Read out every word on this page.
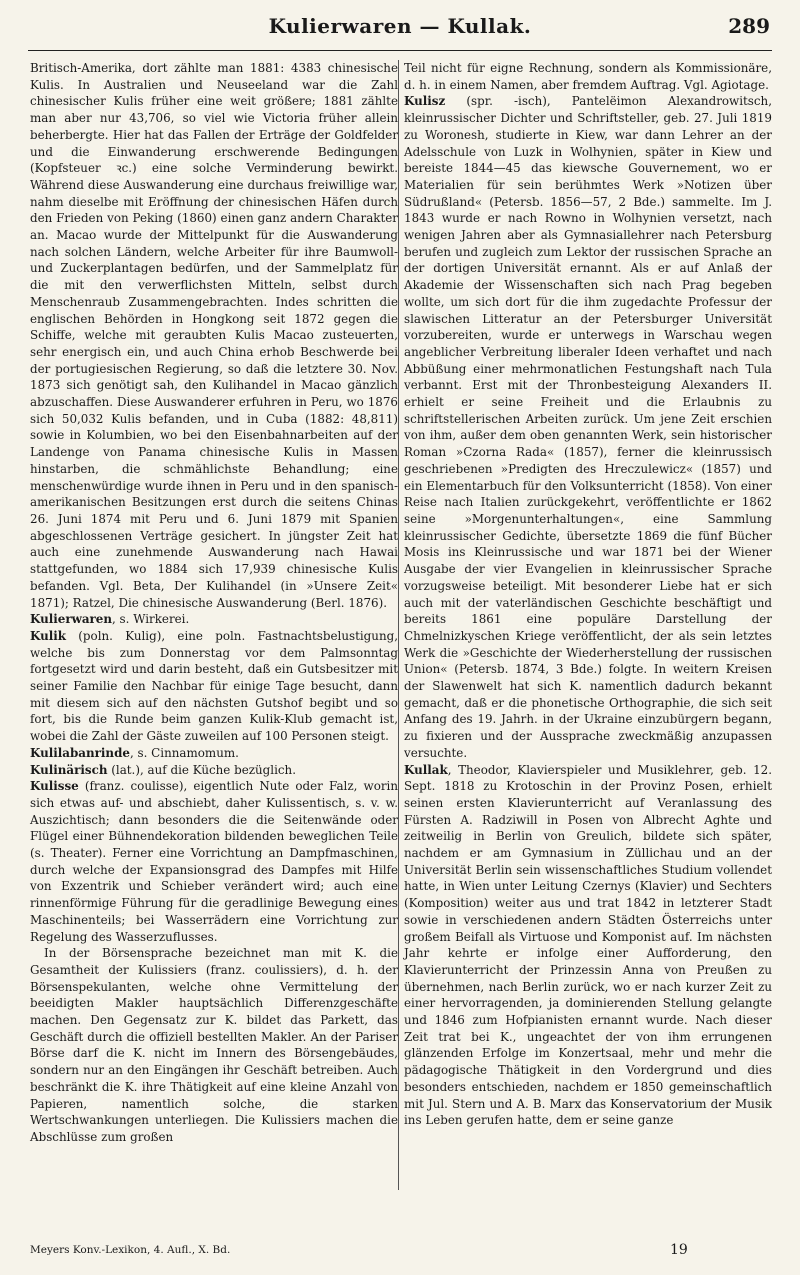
Kulierwaren — Kullak.	289

Britisch-Amerika, dort zählte man 1881: 4383 chinesische Kulis. In Australien und Neuseeland war die Zahl chinesischer Kulis früher eine weit größere; 1881 zählte man aber nur 43,706, so viel wie Victoria früher allein beherbergte. Hier hat das Fallen der Erträge der Goldfelder und die Einwanderung erschwerende Bedingungen (Kopfsteuer ꝛc.) eine solche Verminderung bewirkt. Während diese Auswanderung eine durchaus freiwillige war, nahm dieselbe mit Eröffnung der chinesischen Häfen durch den Frieden von Peking (1860) einen ganz andern Charakter an. Macao wurde der Mittelpunkt für die Auswanderung nach solchen Ländern, welche Arbeiter für ihre Baumwoll- und Zuckerplantagen bedürfen, und der Sammelplatz für die mit den verwerflichsten Mitteln, selbst durch Menschenraub Zusammengebrachten. Indes schritten die englischen Behörden in Hongkong seit 1872 gegen die Schiffe, welche mit geraubten Kulis Macao zusteuerten, sehr energisch ein, und auch China erhob Beschwerde bei der portugiesischen Regierung, so daß die letztere 30. Nov. 1873 sich genötigt sah, den Kulihandel in Macao gänzlich abzuschaffen. Diese Auswanderer erfuhren in Peru, wo 1876 sich 50,032 Kulis befanden, und in Cuba (1882: 48,811) sowie in Kolumbien, wo bei den Eisenbahnarbeiten auf der Landenge von Panama chinesische Kulis in Massen hinstarben, die schmählichste Behandlung; eine menschenwürdige wurde ihnen in Peru und in den spanisch-amerikanischen Besitzungen erst durch die seitens Chinas 26. Juni 1874 mit Peru und 6. Juni 1879 mit Spanien abgeschlossenen Verträge gesichert. In jüngster Zeit hat auch eine zunehmende Auswanderung nach Hawai stattgefunden, wo 1884 sich 17,939 chinesische Kulis befanden. Vgl. Beta, Der Kulihandel (in »Unsere Zeit« 1871); Ratzel, Die chinesische Auswanderung (Berl. 1876).

Kulierwaren, s. Wirkerei.

Kulik (poln. Kulig), eine poln. Fastnachtsbelustigung, welche bis zum Donnerstag vor dem Palmsonntag fortgesetzt wird und darin besteht, daß ein Gutsbesitzer mit seiner Familie den Nachbar für einige Tage besucht, dann mit diesem sich auf den nächsten Gutshof begibt und so fort, bis die Runde beim ganzen Kulik-Klub gemacht ist, wobei die Zahl der Gäste zuweilen auf 100 Personen steigt.

Kulilabanrinde, s. Cinnamomum.

Kulinärisch (lat.), auf die Küche bezüglich.

Kulisse (franz. coulisse), eigentlich Nute oder Falz, worin sich etwas auf- und abschiebt, daher Kulissentisch, s. v. w. Auszichtisch; dann besonders die die Seitenwände oder Flügel einer Bühnendekoration bildenden beweglichen Teile (s. Theater). Ferner eine Vorrichtung an Dampfmaschinen, durch welche der Expansionsgrad des Dampfes mit Hilfe von Exzentrik und Schieber verändert wird; auch eine rinnenförmige Führung für die geradlinige Bewegung eines Maschinenteils; bei Wasserrädern eine Vorrichtung zur Regelung des Wasserzuflusses.

In der Börsensprache bezeichnet man mit K. die Gesamtheit der Kulissiers (franz. coulissiers), d. h. der Börsenspekulanten, welche ohne Vermittelung der beeidigten Makler hauptsächlich Differenzgeschäfte machen. Den Gegensatz zur K. bildet das Parkett, das Geschäft durch die offiziell bestellten Makler. An der Pariser Börse darf die K. nicht im Innern des Börsengebäudes, sondern nur an den Eingängen ihr Geschäft betreiben. Auch beschränkt die K. ihre Thätigkeit auf eine kleine Anzahl von Papieren, namentlich solche, die starken Wertschwankungen unterliegen. Die Kulissiers machen die Abschlüsse zum großen

Teil nicht für eigne Rechnung, sondern als Kommissionäre, d. h. in einem Namen, aber fremdem Auftrag. Vgl. Agiotage.

Kulisz (spr. -isch), Pantelëimon Alexandrowitsch, kleinrussischer Dichter und Schriftsteller, geb. 27. Juli 1819 zu Woronesh, studierte in Kiew, war dann Lehrer an der Adelsschule von Luzk in Wolhynien, später in Kiew und bereiste 1844—45 das kiewsche Gouvernement, wo er Materialien für sein berühmtes Werk »Notizen über Südrußland« (Petersb. 1856—57, 2 Bde.) sammelte. Im J. 1843 wurde er nach Rowno in Wolhynien versetzt, nach wenigen Jahren aber als Gymnasiallehrer nach Petersburg berufen und zugleich zum Lektor der russischen Sprache an der dortigen Universität ernannt. Als er auf Anlaß der Akademie der Wissenschaften sich nach Prag begeben wollte, um sich dort für die ihm zugedachte Professur der slawischen Litteratur an der Petersburger Universität vorzubereiten, wurde er unterwegs in Warschau wegen angeblicher Verbreitung liberaler Ideen verhaftet und nach Abbüßung einer mehrmonatlichen Festungshaft nach Tula verbannt. Erst mit der Thronbesteigung Alexanders II. erhielt er seine Freiheit und die Erlaubnis zu schriftstellerischen Arbeiten zurück. Um jene Zeit erschien von ihm, außer dem oben genannten Werk, sein historischer Roman »Czorna Rada« (1857), ferner die kleinrussisch geschriebenen »Predigten des Hreczulewicz« (1857) und ein Elementarbuch für den Volksunterricht (1858). Von einer Reise nach Italien zurückgekehrt, veröffentlichte er 1862 seine »Morgenunterhaltungen«, eine Sammlung kleinrussischer Gedichte, übersetzte 1869 die fünf Bücher Mosis ins Kleinrussische und war 1871 bei der Wiener Ausgabe der vier Evangelien in kleinrussischer Sprache vorzugsweise beteiligt. Mit besonderer Liebe hat er sich auch mit der vaterländischen Geschichte beschäftigt und bereits 1861 eine populäre Darstellung der Chmelnizkyschen Kriege veröffentlicht, der als sein letztes Werk die »Geschichte der Wiederherstellung der russischen Union« (Petersb. 1874, 3 Bde.) folgte. In weitern Kreisen der Slawenwelt hat sich K. namentlich dadurch bekannt gemacht, daß er die phonetische Orthographie, die sich seit Anfang des 19. Jahrh. in der Ukraine einzubürgern begann, zu fixieren und der Aussprache zweckmäßig anzupassen versuchte.

Kullak, Theodor, Klavierspieler und Musiklehrer, geb. 12. Sept. 1818 zu Krotoschin in der Provinz Posen, erhielt seinen ersten Klavierunterricht auf Veranlassung des Fürsten A. Radziwill in Posen von Albrecht Aghte und zeitweilig in Berlin von Greulich, bildete sich später, nachdem er am Gymnasium in Züllichau und an der Universität Berlin sein wissenschaftliches Studium vollendet hatte, in Wien unter Leitung Czernys (Klavier) und Sechters (Komposition) weiter aus und trat 1842 in letzterer Stadt sowie in verschiedenen andern Städten Österreichs unter großem Beifall als Virtuose und Komponist auf. Im nächsten Jahr kehrte er infolge einer Aufforderung, den Klavierunterricht der Prinzessin Anna von Preußen zu übernehmen, nach Berlin zurück, wo er nach kurzer Zeit zu einer hervorragenden, ja dominierenden Stellung gelangte und 1846 zum Hofpianisten ernannt wurde. Nach dieser Zeit trat bei K., ungeachtet der von ihm errungenen glänzenden Erfolge im Konzertsaal, mehr und mehr die pädagogische Thätigkeit in den Vordergrund und dies besonders entschieden, nachdem er 1850 gemeinschaftlich mit Jul. Stern und A. B. Marx das Konservatorium der Musik ins Leben gerufen hatte, dem er seine ganze

Meyers Konv.-Lexikon, 4. Aufl., X. Bd.	19
